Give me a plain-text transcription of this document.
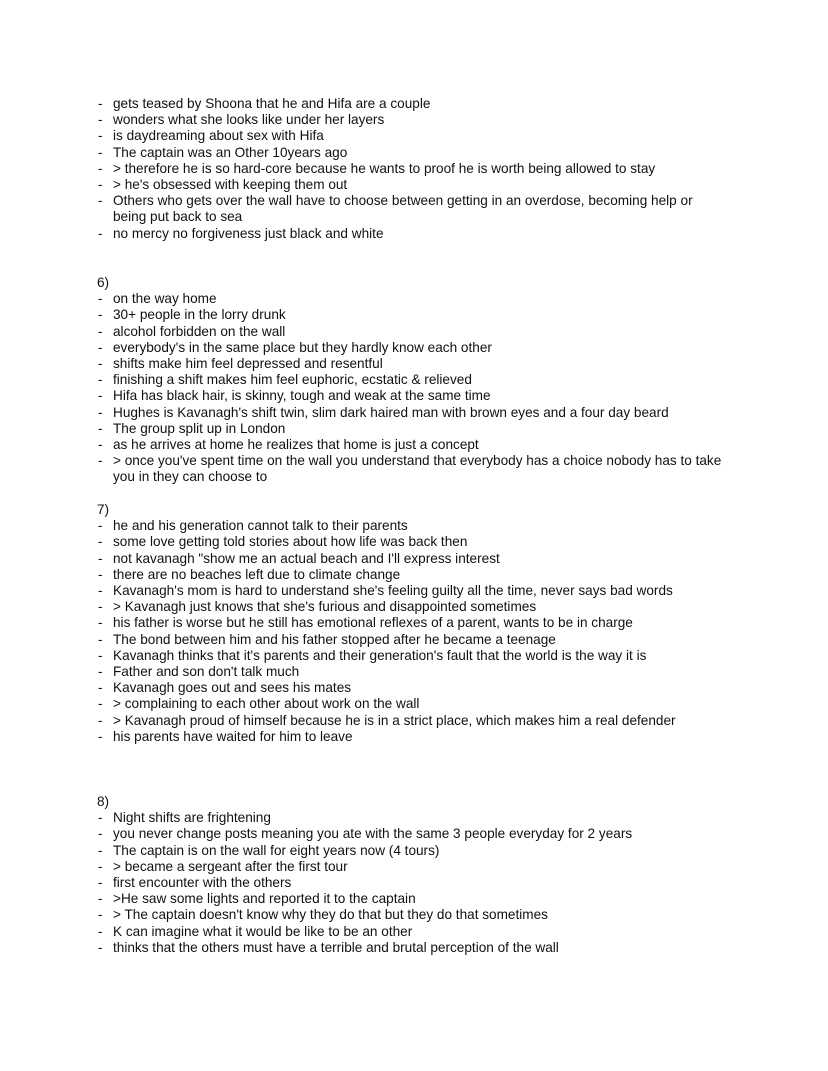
- gets teased by Shoona that he and Hifa are a couple
- wonders what she looks like under her layers
- is daydreaming about sex with Hifa
- The captain was an Other 10years ago
- > therefore he is so hard-core because he wants to proof he is worth being allowed to stay
- > he's obsessed with keeping them out
- Others who gets over the wall have to choose between getting in an overdose, becoming help or being put back to sea
- no mercy no forgiveness just black and white
6)
- on the way home
- 30+ people in the lorry drunk
- alcohol forbidden on the wall
- everybody's in the same place but they hardly know each other
- shifts make him feel depressed and resentful
- finishing a shift makes him feel euphoric, ecstatic & relieved
- Hifa has black hair, is skinny, tough and weak at the same time
- Hughes is Kavanagh's shift twin, slim dark haired man with brown eyes and a four day beard
- The group split up in London
- as he arrives at home he realizes that home is just a concept
- > once you've spent time on the wall you understand that everybody has a choice nobody has to take you in they can choose to
7)
- he and his generation cannot talk to their parents
- some love getting told stories about how life was back then
- not kavanagh "show me an actual beach and I'll express interest
- there are no beaches left due to climate change
- Kavanagh's mom is hard to understand she's feeling guilty all the time, never says bad words
- > Kavanagh just knows that she's furious and disappointed sometimes
- his father is worse but he still has emotional reflexes of a parent, wants to be in charge
- The bond between him and his father stopped after he became a teenage
- Kavanagh thinks that it's parents and their generation's fault that the world is the way it is
- Father and son don't talk much
- Kavanagh goes out and sees his mates
- > complaining to each other about work on the wall
- > Kavanagh proud of himself because he is in a strict place, which makes him a real defender
- his parents have waited for him to leave
8)
- Night shifts are frightening
- you never change posts meaning you ate with the same 3 people everyday for 2 years
- The captain is on the wall for eight years now (4 tours)
- > became a sergeant after the first tour
- first encounter with the others
- >He saw some lights and reported it to the captain
- > The captain doesn't know why they do that but they do that sometimes
- K can imagine what it would be like to be an other
- thinks that the others must have a terrible and brutal perception of the wall
